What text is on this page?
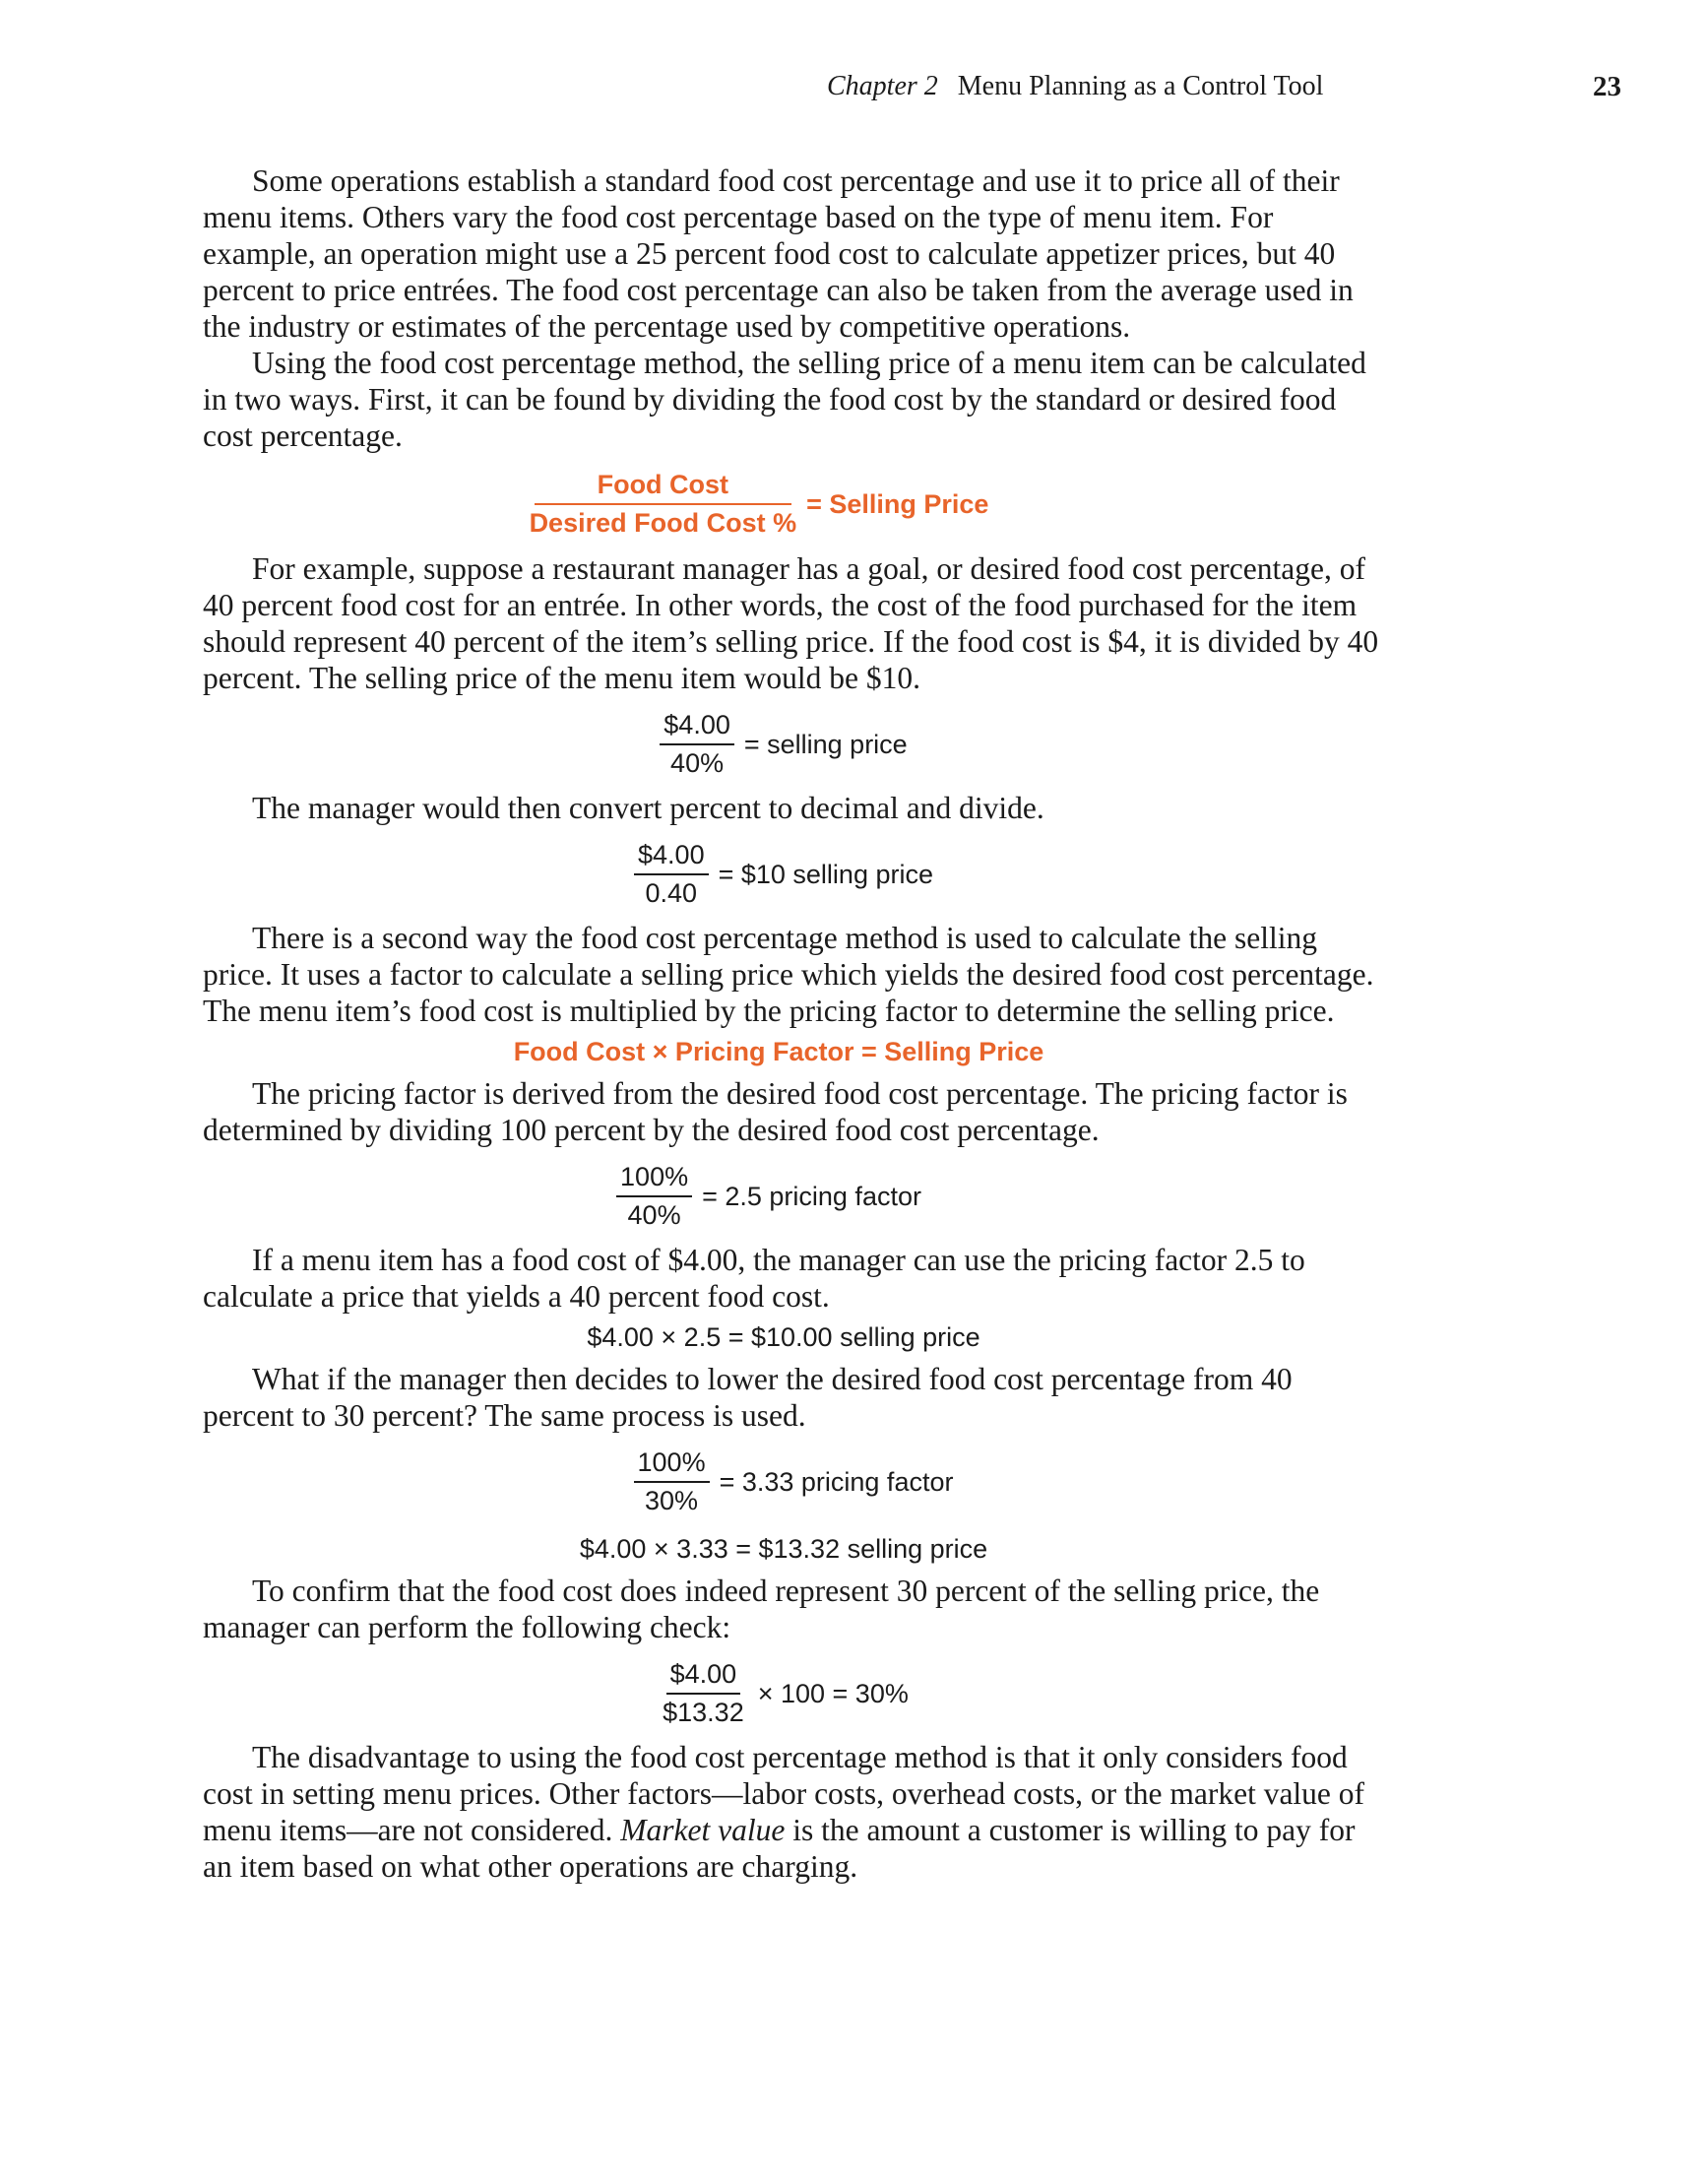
Chapter 2 Menu Planning as a Control Tool	23

Some operations establish a standard food cost percentage and use it to price all of their menu items. Others vary the food cost percentage based on the type of menu item. For example, an operation might use a 25 percent food cost to calculate appetizer prices, but 40 percent to price entrées. The food cost percentage can also be taken from the average used in the industry or estimates of the percentage used by competitive operations.

Using the food cost percentage method, the selling price of a menu item can be calculated in two ways. First, it can be found by dividing the food cost by the standard or desired food cost percentage.

$\frac{\text{Food Cost}}{\text{Desired Food Cost \%}}$ = Selling Price

For example, suppose a restaurant manager has a goal, or desired food cost percentage, of 40 percent food cost for an entrée. In other words, the cost of the food purchased for the item should represent 40 percent of the item’s selling price. If the food cost is $4, it is divided by 40 percent. The selling price of the menu item would be $10.

$\frac{\$4.00}{40\%}$ = selling price

The manager would then convert percent to decimal and divide.

$\frac{\$4.00}{0.40}$ = $10 selling price

There is a second way the food cost percentage method is used to calculate the selling price. It uses a factor to calculate a selling price which yields the desired food cost percentage. The menu item’s food cost is multiplied by the pricing factor to determine the selling price.

Food Cost × Pricing Factor = Selling Price

The pricing factor is derived from the desired food cost percentage. The pricing factor is determined by dividing 100 percent by the desired food cost percentage.

$\frac{100\%}{40\%} = 2.5$ pricing factor

If a menu item has a food cost of $4.00, the manager can use the pricing factor 2.5 to calculate a price that yields a 40 percent food cost.

$4.00 × 2.5 = $10.00 selling price

What if the manager then decides to lower the desired food cost percentage from 40 percent to 30 percent? The same process is used.

$\frac{100\%}{30\%} = 3.33$ pricing factor
$4.00 × 3.33 = $13.32 selling price

To confirm that the food cost does indeed represent 30 percent of the selling price, the manager can perform the following check:

$\frac{\$4.00}{\$13.32} \times 100 = 30\%$

The disadvantage to using the food cost percentage method is that it only considers food cost in setting menu prices. Other factors—labor costs, overhead costs, or the market value of menu items—are not considered. Market value is the amount a customer is willing to pay for an item based on what other operations are charging.
